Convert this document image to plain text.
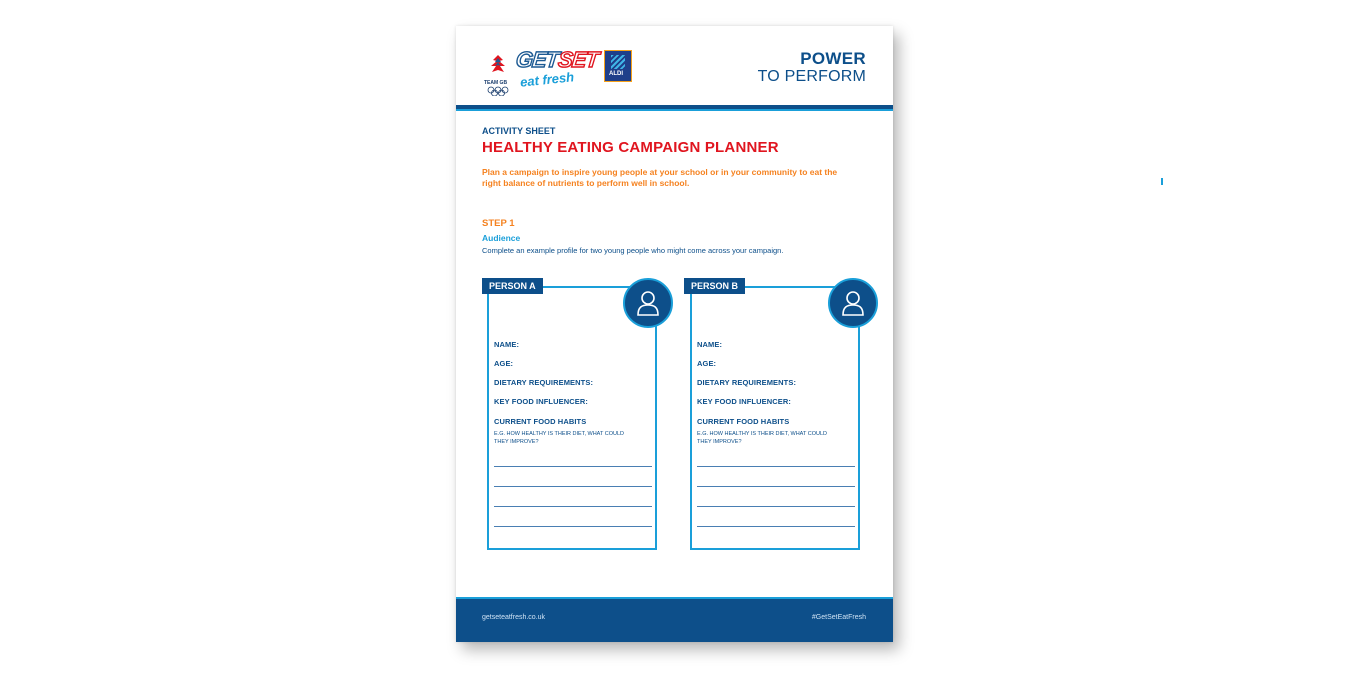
TEAM GB
GETSET
eat fresh	ALDI
POWER
TO PERFORM
ACTIVITY SHEET
HEALTHY EATING CAMPAIGN PLANNER
Plan a campaign to inspire young people at your school or in your community to eat the right balance of nutrients to perform well in school.
STEP 1
Audience
Complete an example profile for two young people who might come across your campaign.
PERSON A
NAME:
AGE:
DIETARY REQUIREMENTS:
KEY FOOD INFLUENCER:
CURRENT FOOD HABITS
E.G. HOW HEALTHY IS THEIR DIET, WHAT COULD THEY IMPROVE?
PERSON B
NAME:
AGE:
DIETARY REQUIREMENTS:
KEY FOOD INFLUENCER:
CURRENT FOOD HABITS
E.G. HOW HEALTHY IS THEIR DIET, WHAT COULD THEY IMPROVE?
getseteatfresh.co.uk	#GetSetEatFresh
